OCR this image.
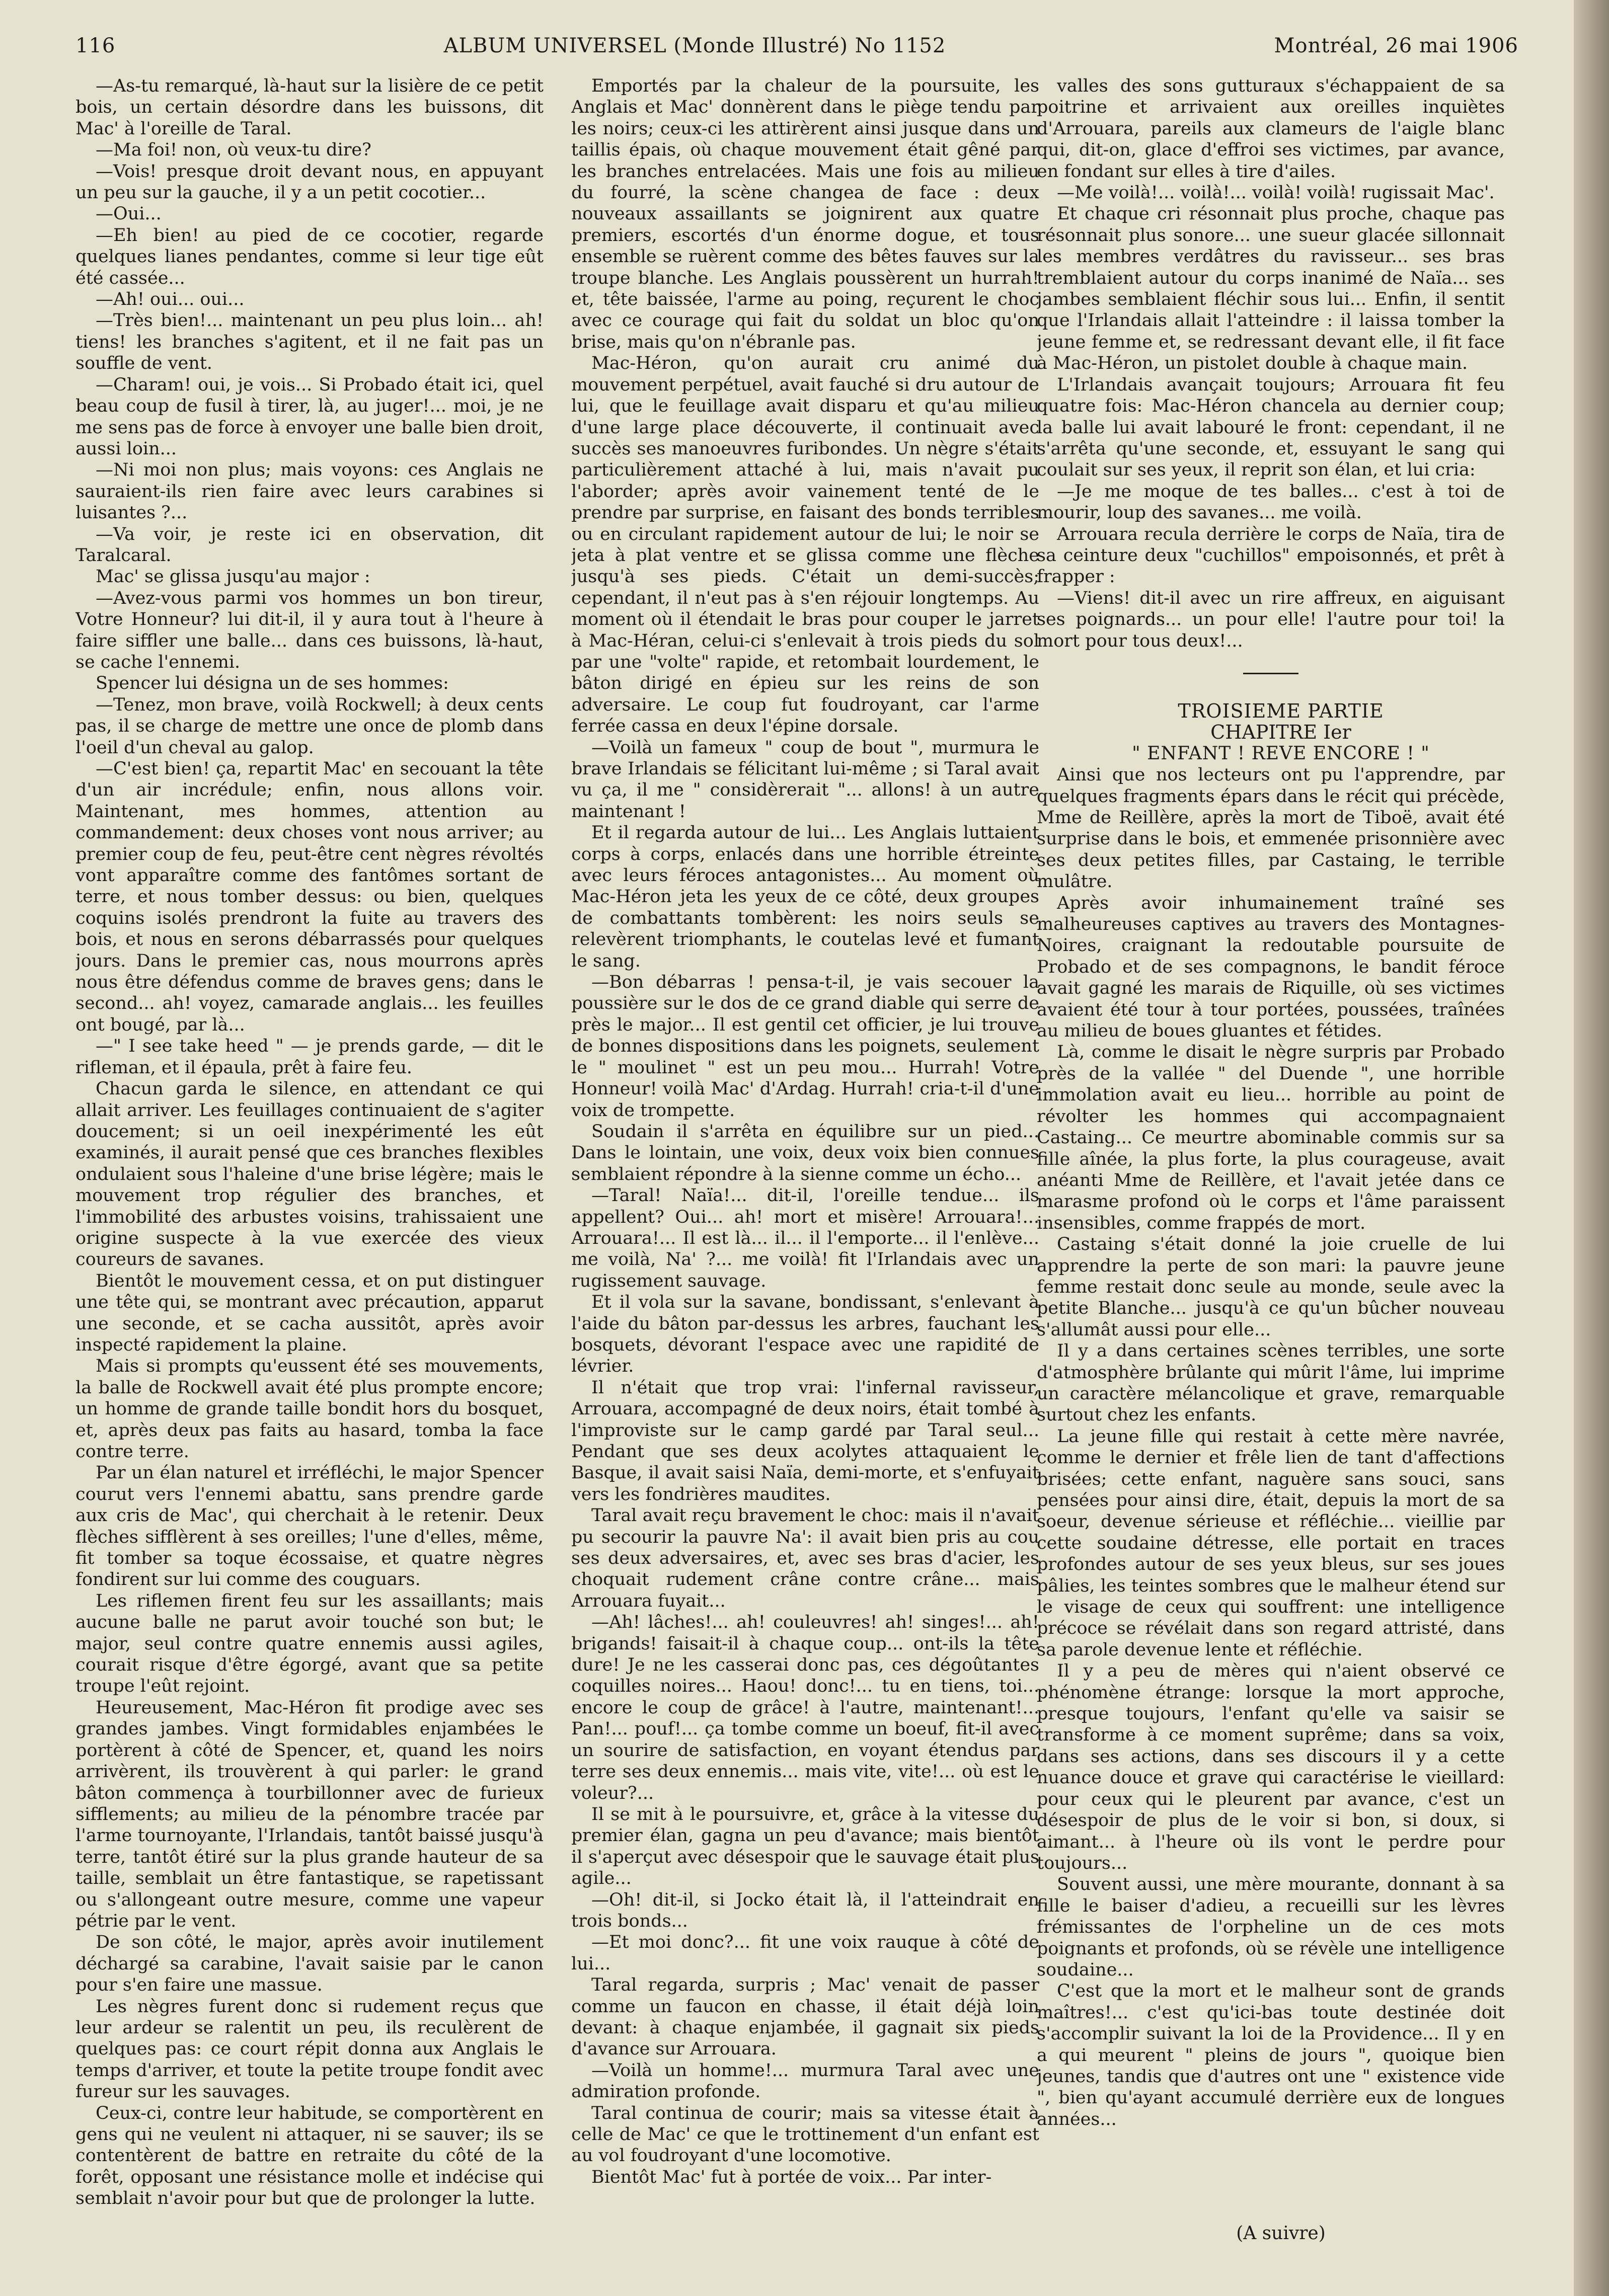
116	ALBUM UNIVERSEL (Monde Illustré) No 1152	Montréal, 26 mai 1906

—As-tu remarqué, là-haut sur la lisière de ce petit bois, un certain désordre dans les buissons, dit Mac' à l'oreille de Taral.

—Ma foi! non, où veux-tu dire?

—Vois! presque droit devant nous, en appuyant un peu sur la gauche, il y a un petit cocotier...

—Oui...

—Eh bien! au pied de ce cocotier, regarde quelques lianes pendantes, comme si leur tige eût été cassée...

—Ah! oui... oui...

—Très bien!... maintenant un peu plus loin... ah! tiens! les branches s'agitent, et il ne fait pas un souffle de vent.

—Charam! oui, je vois... Si Probado était ici, quel beau coup de fusil à tirer, là, au juger!... moi, je ne me sens pas de force à envoyer une balle bien droit, aussi loin...

—Ni moi non plus; mais voyons: ces Anglais ne sauraient-ils rien faire avec leurs carabines si luisantes ?...

—Va voir, je reste ici en observation, dit Taralcaral.

Mac' se glissa jusqu'au major :

—Avez-vous parmi vos hommes un bon tireur, Votre Honneur? lui dit-il, il y aura tout à l'heure à faire siffler une balle... dans ces buissons, là-haut, se cache l'ennemi.

Spencer lui désigna un de ses hommes:

—Tenez, mon brave, voilà Rockwell; à deux cents pas, il se charge de mettre une once de plomb dans l'oeil d'un cheval au galop.

—C'est bien! ça, repartit Mac' en secouant la tête d'un air incrédule; enfin, nous allons voir. Maintenant, mes hommes, attention au commandement: deux choses vont nous arriver; au premier coup de feu, peut-être cent nègres révoltés vont apparaître comme des fantômes sortant de terre, et nous tomber dessus: ou bien, quelques coquins isolés prendront la fuite au travers des bois, et nous en serons débarrassés pour quelques jours. Dans le premier cas, nous mourrons après nous être défendus comme de braves gens; dans le second... ah! voyez, camarade anglais... les feuilles ont bougé, par là...

—" I see take heed " — je prends garde, — dit le rifleman, et il épaula, prêt à faire feu.

Chacun garda le silence, en attendant ce qui allait arriver. Les feuillages continuaient de s'agiter doucement; si un oeil inexpérimenté les eût examinés, il aurait pensé que ces branches flexibles ondulaient sous l'haleine d'une brise légère; mais le mouvement trop régulier des branches, et l'immobilité des arbustes voisins, trahissaient une origine suspecte à la vue exercée des vieux coureurs de savanes.

Bientôt le mouvement cessa, et on put distinguer une tête qui, se montrant avec précaution, apparut une seconde, et se cacha aussitôt, après avoir inspecté rapidement la plaine.

Mais si prompts qu'eussent été ses mouvements, la balle de Rockwell avait été plus prompte encore; un homme de grande taille bondit hors du bosquet, et, après deux pas faits au hasard, tomba la face contre terre.

Par un élan naturel et irréfléchi, le major Spencer courut vers l'ennemi abattu, sans prendre garde aux cris de Mac', qui cherchait à le retenir. Deux flèches sifflèrent à ses oreilles; l'une d'elles, même, fit tomber sa toque écossaise, et quatre nègres fondirent sur lui comme des couguars.

Les riflemen firent feu sur les assaillants; mais aucune balle ne parut avoir touché son but; le major, seul contre quatre ennemis aussi agiles, courait risque d'être égorgé, avant que sa petite troupe l'eût rejoint.

Heureusement, Mac-Héron fit prodige avec ses grandes jambes. Vingt formidables enjambées le portèrent à côté de Spencer, et, quand les noirs arrivèrent, ils trouvèrent à qui parler: le grand bâton commença à tourbillonner avec de furieux sifflements; au milieu de la pénombre tracée par l'arme tournoyante, l'Irlandais, tantôt baissé jusqu'à terre, tantôt étiré sur la plus grande hauteur de sa taille, semblait un être fantastique, se rapetissant ou s'allongeant outre mesure, comme une vapeur pétrie par le vent.

De son côté, le major, après avoir inutilement déchargé sa carabine, l'avait saisie par le canon pour s'en faire une massue.

Les nègres furent donc si rudement reçus que leur ardeur se ralentit un peu, ils reculèrent de quelques pas: ce court répit donna aux Anglais le temps d'arriver, et toute la petite troupe fondit avec fureur sur les sauvages.

Ceux-ci, contre leur habitude, se comportèrent en gens qui ne veulent ni attaquer, ni se sauver; ils se contentèrent de battre en retraite du côté de la forêt, opposant une résistance molle et indécise qui semblait n'avoir pour but que de prolonger la lutte.

Emportés par la chaleur de la poursuite, les Anglais et Mac' donnèrent dans le piège tendu par les noirs; ceux-ci les attirèrent ainsi jusque dans un taillis épais, où chaque mouvement était gêné par les branches entrelacées. Mais une fois au milieu du fourré, la scène changea de face : deux nouveaux assaillants se joignirent aux quatre premiers, escortés d'un énorme dogue, et tous ensemble se ruèrent comme des bêtes fauves sur la troupe blanche. Les Anglais poussèrent un hurrah! et, tête baissée, l'arme au poing, reçurent le choc avec ce courage qui fait du soldat un bloc qu'on brise, mais qu'on n'ébranle pas.

Mac-Héron, qu'on aurait cru animé du mouvement perpétuel, avait fauché si dru autour de lui, que le feuillage avait disparu et qu'au milieu d'une large place découverte, il continuait avec succès ses manoeuvres furibondes. Un nègre s'était particulièrement attaché à lui, mais n'avait pu l'aborder; après avoir vainement tenté de le prendre par surprise, en faisant des bonds terribles ou en circulant rapidement autour de lui; le noir se jeta à plat ventre et se glissa comme une flèche jusqu'à ses pieds. C'était un demi-succès; cependant, il n'eut pas à s'en réjouir longtemps. Au moment où il étendait le bras pour couper le jarret à Mac-Héran, celui-ci s'enlevait à trois pieds du sol par une "volte" rapide, et retombait lourdement, le bâton dirigé en épieu sur les reins de son adversaire. Le coup fut foudroyant, car l'arme ferrée cassa en deux l'épine dorsale.

—Voilà un fameux " coup de bout ", murmura le brave Irlandais se félicitant lui-même ; si Taral avait vu ça, il me " considèrerait "... allons! à un autre maintenant !

Et il regarda autour de lui... Les Anglais luttaient corps à corps, enlacés dans une horrible étreinte avec leurs féroces antagonistes... Au moment où Mac-Héron jeta les yeux de ce côté, deux groupes de combattants tombèrent: les noirs seuls se relevèrent triomphants, le coutelas levé et fumant le sang.

—Bon débarras ! pensa-t-il, je vais secouer la poussière sur le dos de ce grand diable qui serre de près le major... Il est gentil cet officier, je lui trouve de bonnes dispositions dans les poignets, seulement le " moulinet " est un peu mou... Hurrah! Votre Honneur! voilà Mac' d'Ardag. Hurrah! cria-t-il d'une voix de trompette.

Soudain il s'arrêta en équilibre sur un pied... Dans le lointain, une voix, deux voix bien connues semblaient répondre à la sienne comme un écho...

—Taral! Naïa!... dit-il, l'oreille tendue... ils appellent? Oui... ah! mort et misère! Arrouara!... Arrouara!... Il est là... il... il l'emporte... il l'enlève... me voilà, Na' ?... me voilà! fit l'Irlandais avec un rugissement sauvage.

Et il vola sur la savane, bondissant, s'enlevant à l'aide du bâton par-dessus les arbres, fauchant les bosquets, dévorant l'espace avec une rapidité de lévrier.

Il n'était que trop vrai: l'infernal ravisseur, Arrouara, accompagné de deux noirs, était tombé à l'improviste sur le camp gardé par Taral seul... Pendant que ses deux acolytes attaquaient le Basque, il avait saisi Naïa, demi-morte, et s'enfuyait vers les fondrières maudites.

Taral avait reçu bravement le choc: mais il n'avait pu secourir la pauvre Na': il avait bien pris au cou ses deux adversaires, et, avec ses bras d'acier, les choquait rudement crâne contre crâne... mais Arrouara fuyait...

—Ah! lâches!... ah! couleuvres! ah! singes!... ah! brigands! faisait-il à chaque coup... ont-ils la tête dure! Je ne les casserai donc pas, ces dégoûtantes coquilles noires... Haou! donc!... tu en tiens, toi... encore le coup de grâce! à l'autre, maintenant!... Pan!... pouf!... ça tombe comme un boeuf, fit-il avec un sourire de satisfaction, en voyant étendus par terre ses deux ennemis... mais vite, vite!... où est le voleur?...

Il se mit à le poursuivre, et, grâce à la vitesse du premier élan, gagna un peu d'avance; mais bientôt il s'aperçut avec désespoir que le sauvage était plus agile...

—Oh! dit-il, si Jocko était là, il l'atteindrait en trois bonds...

—Et moi donc?... fit une voix rauque à côté de lui...

Taral regarda, surpris ; Mac' venait de passer comme un faucon en chasse, il était déjà loin devant: à chaque enjambée, il gagnait six pieds d'avance sur Arrouara.

—Voilà un homme!... murmura Taral avec une admiration profonde.

Taral continua de courir; mais sa vitesse était à celle de Mac' ce que le trottinement d'un enfant est au vol foudroyant d'une locomotive.

Bientôt Mac' fut à portée de voix... Par inter-

valles des sons gutturaux s'échappaient de sa poitrine et arrivaient aux oreilles inquiètes d'Arrouara, pareils aux clameurs de l'aigle blanc qui, dit-on, glace d'effroi ses victimes, par avance, en fondant sur elles à tire d'ailes.

—Me voilà!... voilà!... voilà! voilà! rugissait Mac'.

Et chaque cri résonnait plus proche, chaque pas résonnait plus sonore... une sueur glacée sillonnait les membres verdâtres du ravisseur... ses bras tremblaient autour du corps inanimé de Naïa... ses jambes semblaient fléchir sous lui... Enfin, il sentit que l'Irlandais allait l'atteindre : il laissa tomber la jeune femme et, se redressant devant elle, il fit face à Mac-Héron, un pistolet double à chaque main.

L'Irlandais avançait toujours; Arrouara fit feu quatre fois: Mac-Héron chancela au dernier coup; la balle lui avait labouré le front: cependant, il ne s'arrêta qu'une seconde, et, essuyant le sang qui coulait sur ses yeux, il reprit son élan, et lui cria:

—Je me moque de tes balles... c'est à toi de mourir, loup des savanes... me voilà.

Arrouara recula derrière le corps de Naïa, tira de sa ceinture deux "cuchillos" empoisonnés, et prêt à frapper :

—Viens! dit-il avec un rire affreux, en aiguisant ses poignards... un pour elle! l'autre pour toi! la mort pour tous deux!...

TROISIEME PARTIE

CHAPITRE Ier

" ENFANT ! REVE ENCORE ! "

Ainsi que nos lecteurs ont pu l'apprendre, par quelques fragments épars dans le récit qui précède, Mme de Reillère, après la mort de Tiboë, avait été surprise dans le bois, et emmenée prisonnière avec ses deux petites filles, par Castaing, le terrible mulâtre.

Après avoir inhumainement traîné ses malheureuses captives au travers des Montagnes-Noires, craignant la redoutable poursuite de Probado et de ses compagnons, le bandit féroce avait gagné les marais de Riquille, où ses victimes avaient été tour à tour portées, poussées, traînées au milieu de boues gluantes et fétides.

Là, comme le disait le nègre surpris par Probado près de la vallée " del Duende ", une horrible immolation avait eu lieu... horrible au point de révolter les hommes qui accompagnaient Castaing... Ce meurtre abominable commis sur sa fille aînée, la plus forte, la plus courageuse, avait anéanti Mme de Reillère, et l'avait jetée dans ce marasme profond où le corps et l'âme paraissent insensibles, comme frappés de mort.

Castaing s'était donné la joie cruelle de lui apprendre la perte de son mari: la pauvre jeune femme restait donc seule au monde, seule avec la petite Blanche... jusqu'à ce qu'un bûcher nouveau s'allumât aussi pour elle...

Il y a dans certaines scènes terribles, une sorte d'atmosphère brûlante qui mûrit l'âme, lui imprime un caractère mélancolique et grave, remarquable surtout chez les enfants.

La jeune fille qui restait à cette mère navrée, comme le dernier et frêle lien de tant d'affections brisées; cette enfant, naguère sans souci, sans pensées pour ainsi dire, était, depuis la mort de sa soeur, devenue sérieuse et réfléchie... vieillie par cette soudaine détresse, elle portait en traces profondes autour de ses yeux bleus, sur ses joues pâlies, les teintes sombres que le malheur étend sur le visage de ceux qui souffrent: une intelligence précoce se révélait dans son regard attristé, dans sa parole devenue lente et réfléchie.

Il y a peu de mères qui n'aient observé ce phénomène étrange: lorsque la mort approche, presque toujours, l'enfant qu'elle va saisir se transforme à ce moment suprême; dans sa voix, dans ses actions, dans ses discours il y a cette nuance douce et grave qui caractérise le vieillard: pour ceux qui le pleurent par avance, c'est un désespoir de plus de le voir si bon, si doux, si aimant... à l'heure où ils vont le perdre pour toujours...

Souvent aussi, une mère mourante, donnant à sa fille le baiser d'adieu, a recueilli sur les lèvres frémissantes de l'orpheline un de ces mots poignants et profonds, où se révèle une intelligence soudaine...

C'est que la mort et le malheur sont de grands maîtres!... c'est qu'ici-bas toute destinée doit s'accomplir suivant la loi de la Providence... Il y en a qui meurent " pleins de jours ", quoique bien jeunes, tandis que d'autres ont une " existence vide ", bien qu'ayant accumulé derrière eux de longues années...

(A suivre)
